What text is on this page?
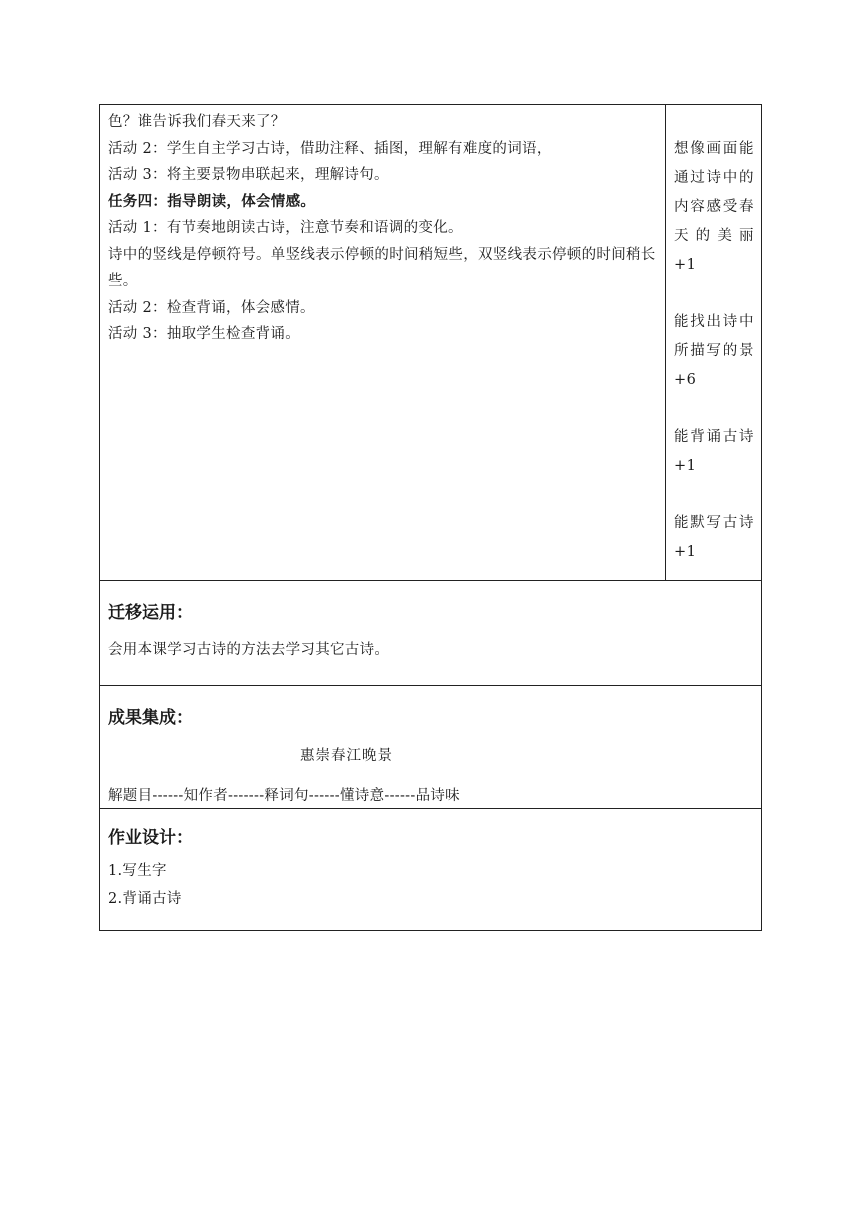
色？谁告诉我们春天来了？
活动 2：学生自主学习古诗，借助注释、插图，理解有难度的词语，
活动 3：将主要景物串联起来，理解诗句。
任务四：指导朗读，体会情感。
活动 1：有节奏地朗读古诗，注意节奏和语调的变化。
诗中的竖线是停顿符号。单竖线表示停顿的时间稍短些，双竖线表示停顿的时间稍长些。
活动 2：检查背诵，体会感情。
活动 3：抽取学生检查背诵。
想像画面能通过诗中的内容感受春天的美丽+1
能找出诗中所描写的景+6
能背诵古诗+1
能默写古诗+1
迁移运用：
会用本课学习古诗的方法去学习其它古诗。
成果集成：
惠崇春江晚景
解题目------知作者-------释词句------懂诗意------品诗味
作业设计：
1.写生字
2.背诵古诗
